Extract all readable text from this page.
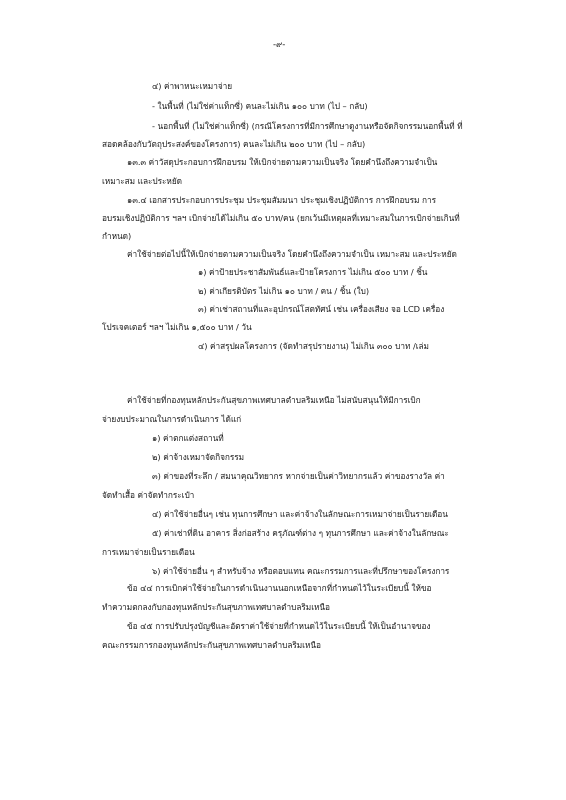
-๙-

๔) ค่าพาหนะเหมาจ่าย

- ในพื้นที่ (ไม่ใช่ค่าแท็กซี่) คนละไม่เกิน ๑๐๐ บาท (ไป – กลับ)

- นอกพื้นที่ (ไม่ใช่ค่าแท็กซี่) (กรณีโครงการที่มีการศึกษาดูงานหรือจัดกิจกรรมนอกพื้นที่ ที่

สอดคล้องกับวัตถุประสงค์ของโครงการ) คนละไม่เกิน ๒๐๐ บาท (ไป – กลับ)

๑๓.๓ ค่าวัสดุประกอบการฝึกอบรม ให้เบิกจ่ายตามความเป็นจริง โดยคำนึงถึงความจำเป็น

เหมาะสม และประหยัด

๑๓.๔ เอกสารประกอบการประชุม ประชุมสัมมนา ประชุมเชิงปฏิบัติการ การฝึกอบรม การ

อบรมเชิงปฏิบัติการ ฯลฯ เบิกจ่ายได้ไม่เกิน ๕๐ บาท/คน (ยกเว้นมีเหตุผลที่เหมาะสมในการเบิกจ่ายเกินที่

กำหนด)

ค่าใช้จ่ายต่อไปนี้ให้เบิกจ่ายตามความเป็นจริง โดยคำนึงถึงความจำเป็น เหมาะสม และประหยัด

๑) ค่าป้ายประชาสัมพันธ์และป้ายโครงการ ไม่เกิน ๕๐๐ บาท / ชิ้น

๒) ค่าเกียรติบัตร ไม่เกิน ๑๐ บาท / คน / ชิ้น (ใบ)

๓) ค่าเช่าสถานที่และอุปกรณ์โสตทัศน์ เช่น เครื่องเสียง จอ LCD เครื่อง

โปรเจคเตอร์ ฯลฯ ไม่เกิน ๑,๕๐๐ บาท / วัน

๔) ค่าสรุปผลโครงการ (จัดทำสรุปรายงาน) ไม่เกิน ๓๐๐ บาท /เล่ม

ค่าใช้จ่ายที่กองทุนหลักประกันสุขภาพเทศบาลตำบลริมเหนือ ไม่สนับสนุนให้มีการเบิก

จ่ายงบประมาณในการดำเนินการ ได้แก่

๑) ค่าตกแต่งสถานที่

๒) ค่าจ้างเหมาจัดกิจกรรม

๓) ค่าของที่ระลึก / สมนาคุณวิทยากร หากจ่ายเป็นค่าวิทยากรแล้ว ค่าของรางวัล ค่า

จัดทำเสื้อ ค่าจัดทำกระเป๋า

๔) ค่าใช้จ่ายอื่นๆ เช่น ทุนการศึกษา และค่าจ้างในลักษณะการเหมาจ่ายเป็นรายเดือน

๕) ค่าเช่าที่ดิน อาคาร สิ่งก่อสร้าง ครุภัณฑ์ต่าง ๆ ทุนการศึกษา และค่าจ้างในลักษณะ

การเหมาจ่ายเป็นรายเดือน

๖) ค่าใช้จ่ายอื่น ๆ สำหรับจ้าง หรือตอบแทน คณะกรรมการและที่ปรึกษาของโครงการ

ข้อ ๔๔ การเบิกค่าใช้จ่ายในการดำเนินงานนอกเหนือจากที่กำหนดไว้ในระเบียบนี้ ให้ขอ

ทำความตกลงกับกองทุนหลักประกันสุขภาพเทศบาลตำบลริมเหนือ

ข้อ ๔๕ การปรับปรุงบัญชีและอัตราค่าใช้จ่ายที่กำหนดไว้ในระเบียบนี้ ให้เป็นอำนาจของ

คณะกรรมการกองทุนหลักประกันสุขภาพเทศบาลตำบลริมเหนือ
